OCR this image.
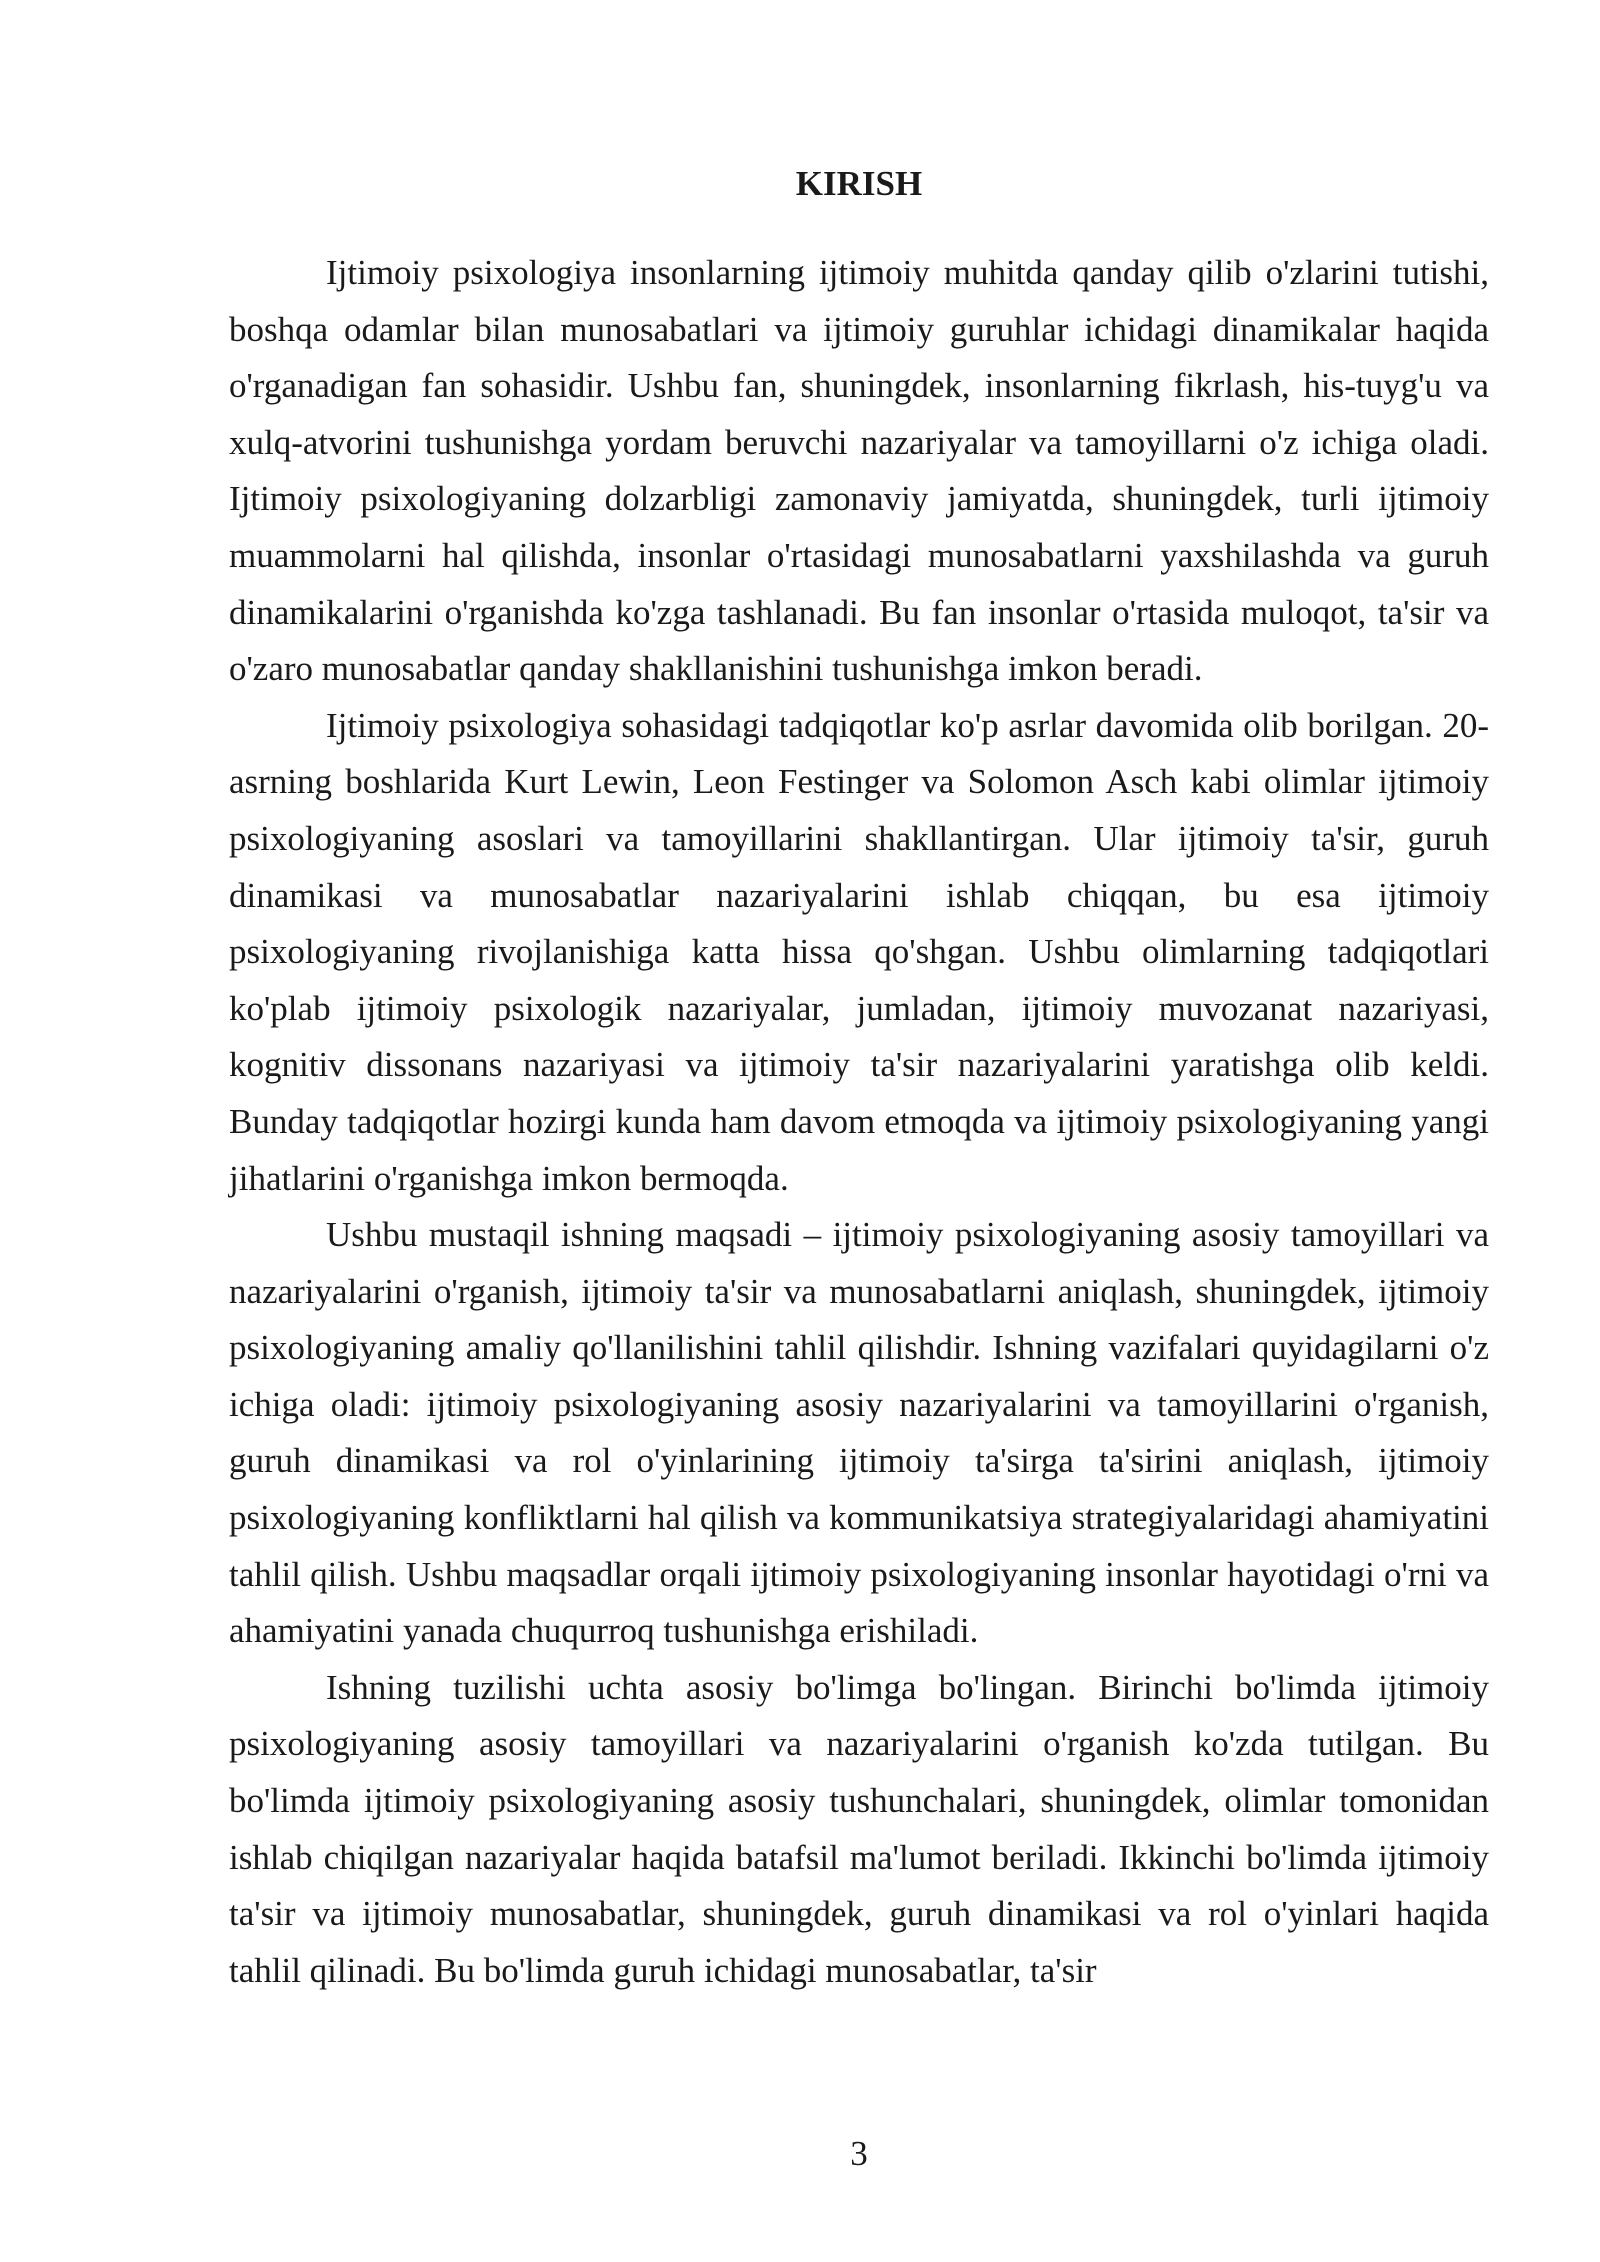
KIRISH

Ijtimoiy psixologiya insonlarning ijtimoiy muhitda qanday qilib o'zlarini tutishi, boshqa odamlar bilan munosabatlari va ijtimoiy guruhlar ichidagi dinamikalar haqida o'rganadigan fan sohasidir. Ushbu fan, shuningdek, insonlarning fikrlash, his-tuyg'u va xulq-atvorini tushunishga yordam beruvchi nazariyalar va tamoyillarni o'z ichiga oladi. Ijtimoiy psixologiyaning dolzarbligi zamonaviy jamiyatda, shuningdek, turli ijtimoiy muammolarni hal qilishda, insonlar o'rtasidagi munosabatlarni yaxshilashda va guruh dinamikalarini o'rganishda ko'zga tashlanadi. Bu fan insonlar o'rtasida muloqot, ta'sir va o'zaro munosabatlar qanday shakllanishini tushunishga imkon beradi.

Ijtimoiy psixologiya sohasidagi tadqiqotlar ko'p asrlar davomida olib borilgan. 20-asrning boshlarida Kurt Lewin, Leon Festinger va Solomon Asch kabi olimlar ijtimoiy psixologiyaning asoslari va tamoyillarini shakllantirgan. Ular ijtimoiy ta'sir, guruh dinamikasi va munosabatlar nazariyalarini ishlab chiqqan, bu esa ijtimoiy psixologiyaning rivojlanishiga katta hissa qo'shgan. Ushbu olimlarning tadqiqotlari ko'plab ijtimoiy psixologik nazariyalar, jumladan, ijtimoiy muvozanat nazariyasi, kognitiv dissonans nazariyasi va ijtimoiy ta'sir nazariyalarini yaratishga olib keldi. Bunday tadqiqotlar hozirgi kunda ham davom etmoqda va ijtimoiy psixologiyaning yangi jihatlarini o'rganishga imkon bermoqda.

Ushbu mustaqil ishning maqsadi – ijtimoiy psixologiyaning asosiy tamoyillari va nazariyalarini o'rganish, ijtimoiy ta'sir va munosabatlarni aniqlash, shuningdek, ijtimoiy psixologiyaning amaliy qo'llanilishini tahlil qilishdir. Ishning vazifalari quyidagilarni o'z ichiga oladi: ijtimoiy psixologiyaning asosiy nazariyalarini va tamoyillarini o'rganish, guruh dinamikasi va rol o'yinlarining ijtimoiy ta'sirga ta'sirini aniqlash, ijtimoiy psixologiyaning konfliktlarni hal qilish va kommunikatsiya strategiyalaridagi ahamiyatini tahlil qilish. Ushbu maqsadlar orqali ijtimoiy psixologiyaning insonlar hayotidagi o'rni va ahamiyatini yanada chuqurroq tushunishga erishiladi.

Ishning tuzilishi uchta asosiy bo'limga bo'lingan. Birinchi bo'limda ijtimoiy psixologiyaning asosiy tamoyillari va nazariyalarini o'rganish ko'zda tutilgan. Bu bo'limda ijtimoiy psixologiyaning asosiy tushunchalari, shuningdek, olimlar tomonidan ishlab chiqilgan nazariyalar haqida batafsil ma'lumot beriladi. Ikkinchi bo'limda ijtimoiy ta'sir va ijtimoiy munosabatlar, shuningdek, guruh dinamikasi va rol o'yinlari haqida tahlil qilinadi. Bu bo'limda guruh ichidagi munosabatlar, ta'sir

3
